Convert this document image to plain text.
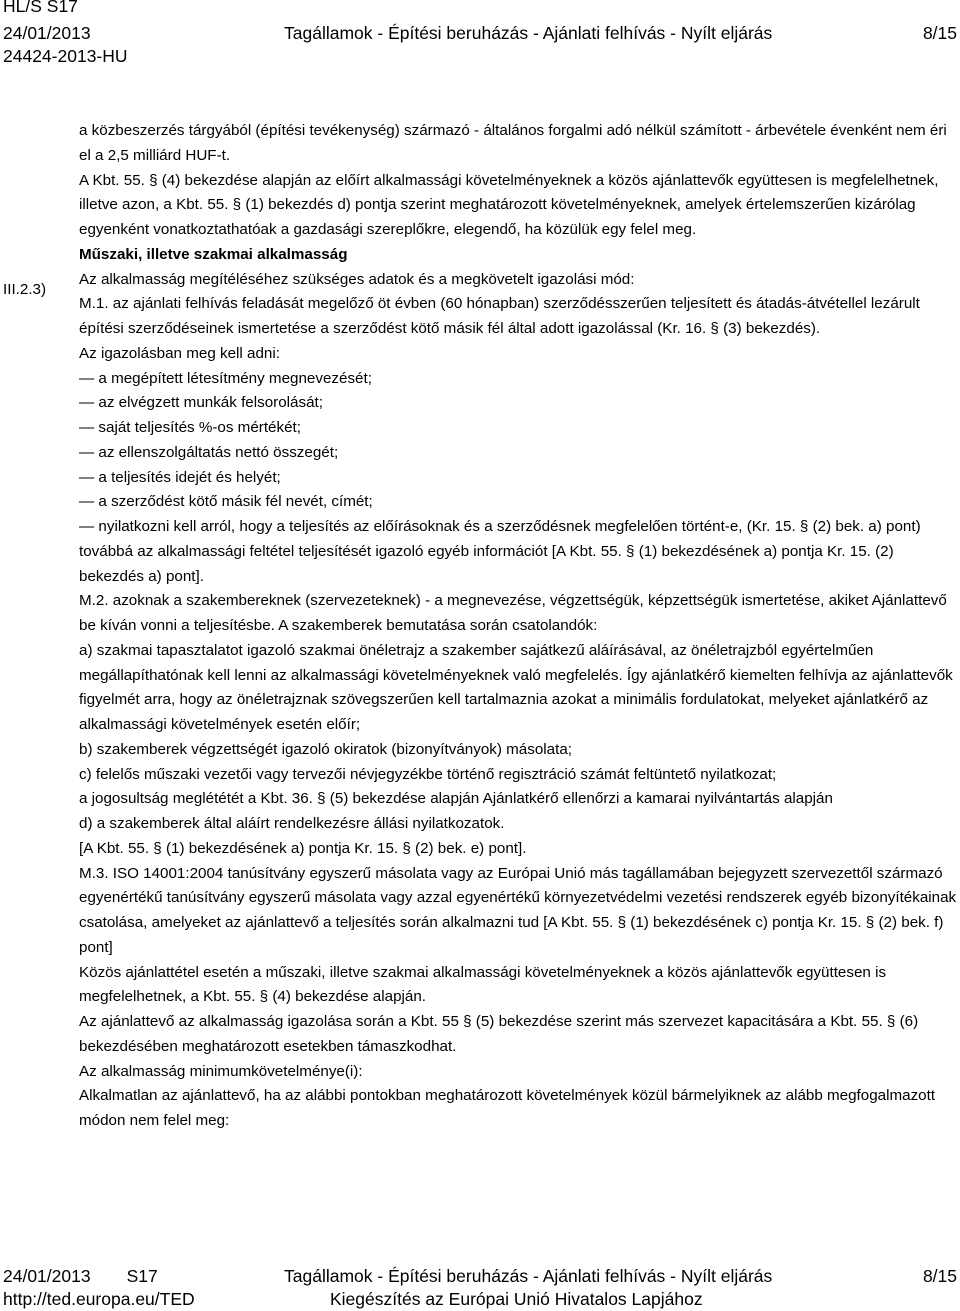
HL/S S17
24/01/2013
24424-2013-HU
Tagállamok - Építési beruházás - Ajánlati felhívás - Nyílt eljárás	8/15
III.2.3)

a közbeszerzés tárgyából (építési tevékenység) származó - általános forgalmi adó nélkül számított - árbevétele évenként nem éri el a 2,5 milliárd HUF-t.

A Kbt. 55. § (4) bekezdése alapján az előírt alkalmassági követelményeknek a közös ajánlattevők együttesen is megfelelhetnek, illetve azon, a Kbt. 55. § (1) bekezdés d) pontja szerint meghatározott követelményeknek, amelyek értelemszerűen kizárólag egyenként vonatkoztathatóak a gazdasági szereplőkre, elegendő, ha közülük egy felel meg.

Műszaki, illetve szakmai alkalmasság

Az alkalmasság megítéléséhez szükséges adatok és a megkövetelt igazolási mód:

M.1. az ajánlati felhívás feladását megelőző öt évben (60 hónapban) szerződésszerűen teljesített és átadás-átvétellel lezárult építési szerződéseinek ismertetése a szerződést kötő másik fél által adott igazolással (Kr. 16. § (3) bekezdés).

Az igazolásban meg kell adni:

— a megépített létesítmény megnevezését;

— az elvégzett munkák felsorolását;

— saját teljesítés %-os mértékét;

— az ellenszolgáltatás nettó összegét;

— a teljesítés idejét és helyét;

— a szerződést kötő másik fél nevét, címét;

— nyilatkozni kell arról, hogy a teljesítés az előírásoknak és a szerződésnek megfelelően történt-e, (Kr. 15. § (2) bek. a) pont) továbbá az alkalmassági feltétel teljesítését igazoló egyéb információt [A Kbt. 55. § (1) bekezdésének a) pontja Kr. 15. (2) bekezdés a) pont].

M.2. azoknak a szakembereknek (szervezeteknek) - a megnevezése, végzettségük, képzettségük ismertetése, akiket Ajánlattevő be kíván vonni a teljesítésbe. A szakemberek bemutatása során csatolandók:

a) szakmai tapasztalatot igazoló szakmai önéletrajz a szakember sajátkezű aláírásával, az önéletrajzból egyértelműen megállapíthatónak kell lenni az alkalmassági követelményeknek való megfelelés. Így ajánlatkérő kiemelten felhívja az ajánlattevők figyelmét arra, hogy az önéletrajznak szövegszerűen kell tartalmaznia azokat a minimális fordulatokat, melyeket ajánlatkérő az alkalmassági követelmények esetén előír;

b) szakemberek végzettségét igazoló okiratok (bizonyítványok) másolata;

c) felelős műszaki vezetői vagy tervezői névjegyzékbe történő regisztráció számát feltüntető nyilatkozat;

a jogosultság meglététét a Kbt. 36. § (5) bekezdése alapján Ajánlatkérő ellenőrzi a kamarai nyilvántartás alapján

d) a szakemberek által aláírt rendelkezésre állási nyilatkozatok.

[A Kbt. 55. § (1) bekezdésének a) pontja Kr. 15. § (2) bek. e) pont].

M.3. ISO 14001:2004 tanúsítvány egyszerű másolata vagy az Európai Unió más tagállamában bejegyzett szervezettől származó egyenértékű tanúsítvány egyszerű másolata vagy azzal egyenértékű környezetvédelmi vezetési rendszerek egyéb bizonyítékainak csatolása, amelyeket az ajánlattevő a teljesítés során alkalmazni tud [A Kbt. 55. § (1) bekezdésének c) pontja Kr. 15. § (2) bek. f) pont]

Közös ajánlattétel esetén a műszaki, illetve szakmai alkalmassági követelményeknek a közös ajánlattevők együttesen is megfelelhetnek, a Kbt. 55. § (4) bekezdése alapján.

Az ajánlattevő az alkalmasság igazolása során a Kbt. 55 § (5) bekezdése szerint más szervezet kapacitására a Kbt. 55. § (6) bekezdésében meghatározott esetekben támaszkodhat.

Az alkalmasság minimumkövetelménye(i):

Alkalmatlan az ajánlattevő, ha az alábbi pontokban meghatározott követelmények közül bármelyiknek az alább megfogalmazott módon nem felel meg:

24/01/2013 S17
http://ted.europa.eu/TED
Tagállamok - Építési beruházás - Ajánlati felhívás - Nyílt eljárás
Kiegészítés az Európai Unió Hivatalos Lapjához
8/15
